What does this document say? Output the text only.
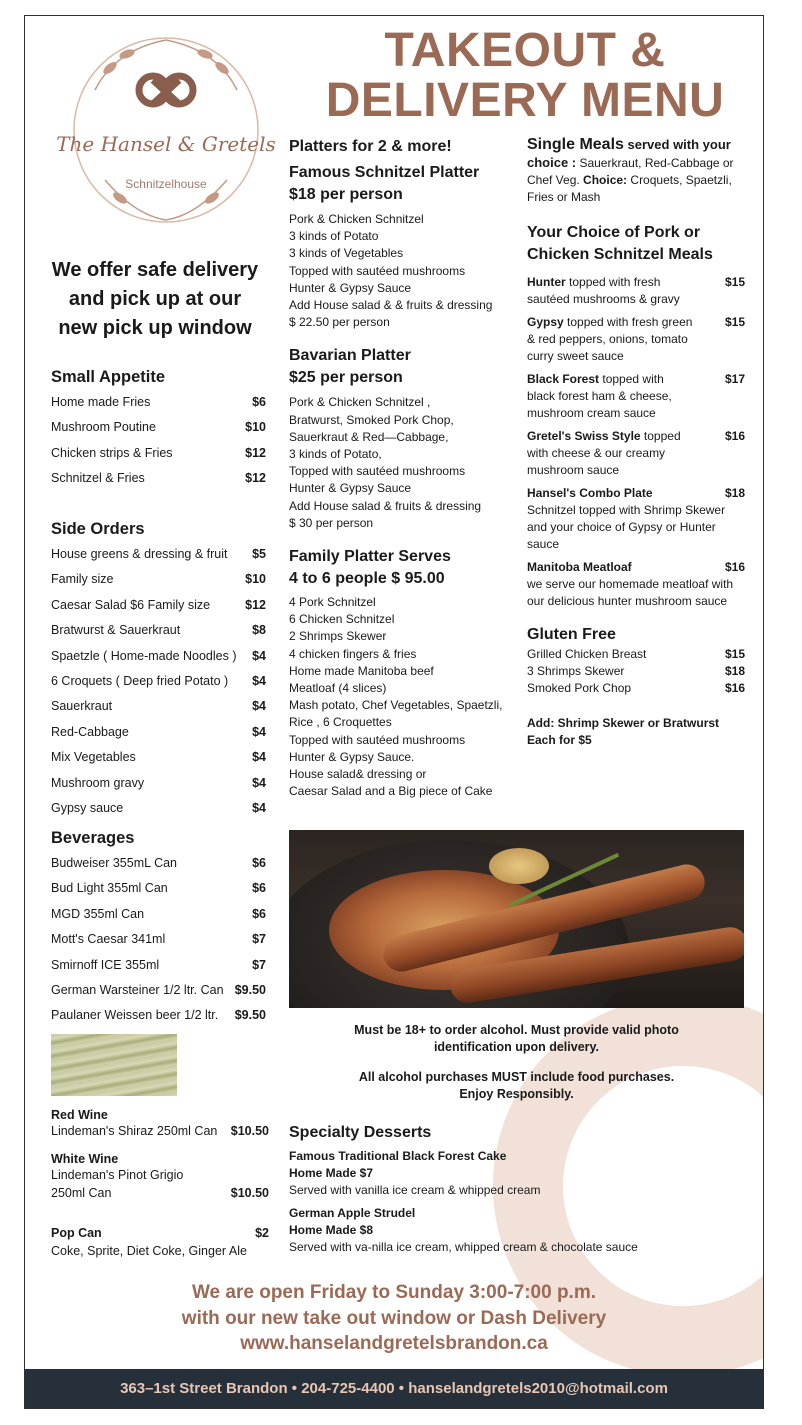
The Hansel & Gretels
Schnitzelhouse
TAKEOUT &
DELIVERY MENU
We offer safe delivery
and pick up at our
new pick up window
Small Appetite
Home made Fries	$6
Mushroom Poutine	$10
Chicken strips & Fries	$12
Schnitzel & Fries	$12
Side Orders
House greens & dressing & fruit $5
Family size	$10
Caesar Salad $6 Family size	$12
Bratwurst & Sauerkraut	$8
Spaetzle ( Home-made Noodles ) $4
6 Croquets ( Deep fried Potato ) $4
Sauerkraut	$4
Red-Cabbage	$4
Mix Vegetables	$4
Mushroom gravy	$4
Gypsy sauce	$4
Beverages
Budweiser 355mL Can	$6
Bud Light 355ml Can	$6
MGD 355ml Can	$6
Mott's Caesar 341ml	$7
Smirnoff ICE 355ml	$7
German Warsteiner 1/2 ltr. Can $9.50
Paulaner Weissen beer 1/2 ltr. $9.50
Red Wine
Lindeman's Shiraz 250ml Can $10.50
White Wine
Lindeman's Pinot Grigio
250ml Can	$10.50
Pop Can	$2
Coke, Sprite, Diet Coke, Ginger Ale
Platters for 2 & more!
Famous Schnitzel Platter
$18 per person
Pork & Chicken Schnitzel
3 kinds of Potato
3 kinds of Vegetables
Topped with sautéed mushrooms
Hunter & Gypsy Sauce
Add House salad & & fruits & dressing
$ 22.50 per person
Bavarian Platter
$25 per person
Pork & Chicken Schnitzel ,
Bratwurst, Smoked Pork Chop,
Sauerkraut & Red—Cabbage,
3 kinds of Potato,
Topped with sautéed mushrooms
Hunter & Gypsy Sauce
Add House salad & fruits & dressing
$ 30 per person
Family Platter Serves
4 to 6 people $ 95.00
4 Pork Schnitzel
6 Chicken Schnitzel
2 Shrimps Skewer
4 chicken fingers & fries
Home made Manitoba beef
Meatloaf (4 slices)
Mash potato, Chef Vegetables, Spaetzli,
Rice , 6 Croquettes
Topped with sautéed mushrooms
Hunter & Gypsy Sauce.
House salad& dressing or
Caesar Salad and a Big piece of Cake
Single Meals served with your choice : Sauerkraut, Red-Cabbage or Chef Veg. Choice: Croquets, Spaetzli, Fries or Mash
Your Choice of Pork or
Chicken Schnitzel Meals
Hunter topped with fresh	$15
sautéed mushrooms & gravy
Gypsy topped with fresh green	$15
& red peppers, onions, tomato
curry sweet sauce
Black Forest topped with	$17
black forest ham & cheese,
mushroom cream sauce
Gretel's Swiss Style topped	$16
with cheese & our creamy
mushroom sauce
Hansel's Combo Plate	$18
Schnitzel topped with Shrimp Skewer
and your choice of Gypsy or Hunter
sauce
Manitoba Meatloaf	$16
we serve our homemade meatloaf with
our delicious hunter mushroom sauce
Gluten Free
Grilled Chicken Breast	$15
3 Shrimps Skewer	$18
Smoked Pork Chop	$16
Add: Shrimp Skewer or Bratwurst
Each for $5
Must be 18+ to order alcohol. Must provide valid photo
identification upon delivery.
All alcohol purchases MUST include food purchases.
Enjoy Responsibly.
Specialty Desserts
Famous Traditional Black Forest Cake
Home Made $7
Served with vanilla ice cream & whipped cream
German Apple Strudel
Home Made $8
Served with va-nilla ice cream, whipped cream & chocolate sauce
We are open Friday to Sunday 3:00-7:00 p.m.
with our new take out window or Dash Delivery
www.hanselandgretelsbrandon.ca
363–1st Street Brandon • 204-725-4400 • hanselandgretels2010@hotmail.com
